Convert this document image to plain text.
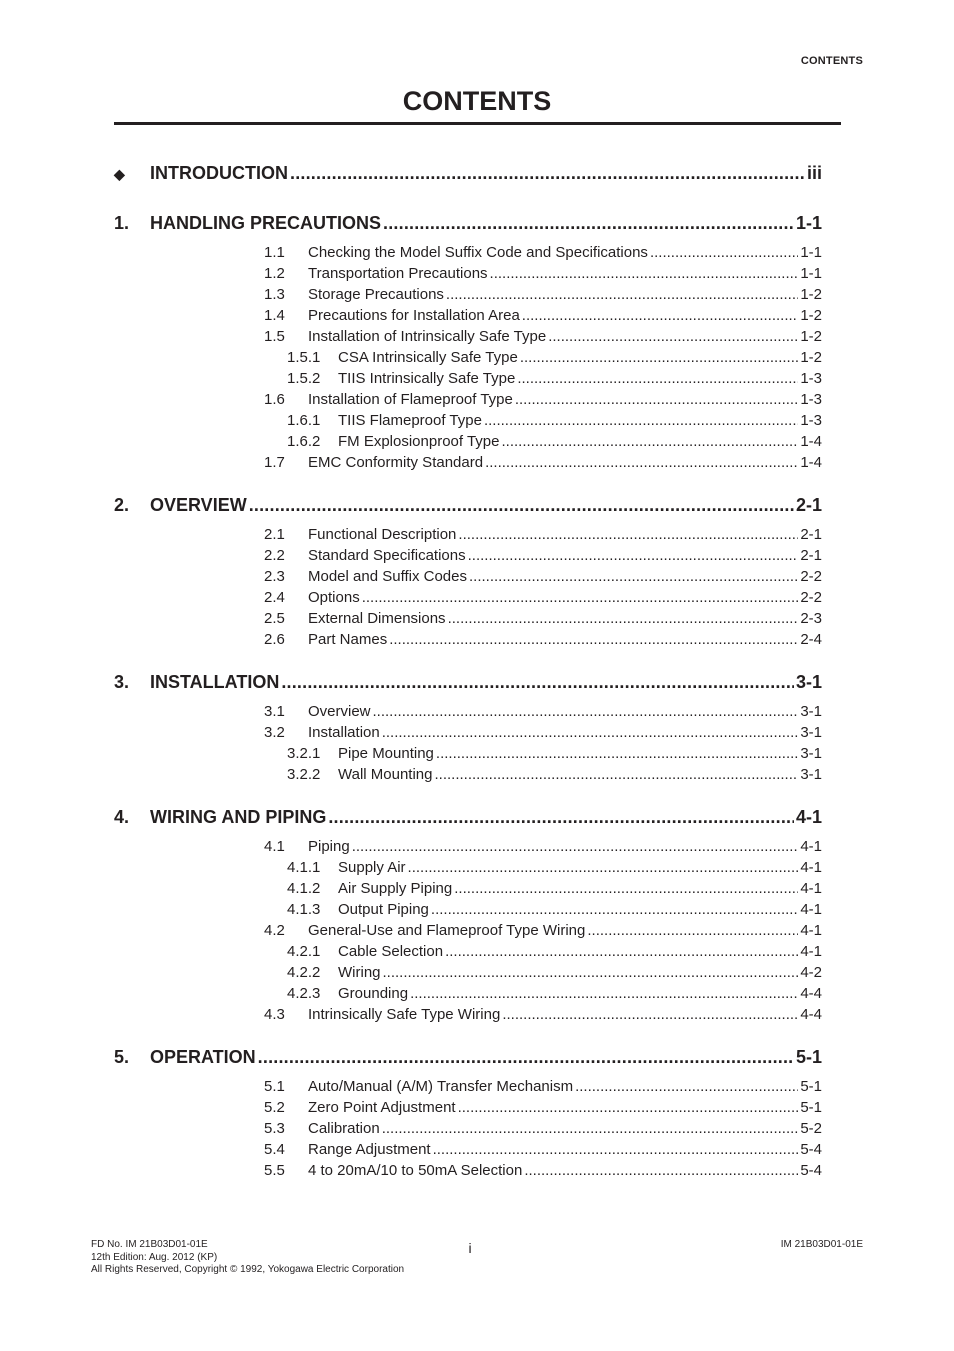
CONTENTS
CONTENTS
◆	INTRODUCTION .....	iii
1.	HANDLING PRECAUTIONS .....	1-1
1.1	Checking the Model Suffix Code and Specifications .....	1-1
1.2	Transportation Precautions .....	1-1
1.3	Storage Precautions .....	1-2
1.4	Precautions for Installation Area .....	1-2
1.5	Installation of Intrinsically Safe Type .....	1-2
1.5.1	CSA Intrinsically Safe Type .....	1-2
1.5.2	TIIS Intrinsically Safe Type .....	1-3
1.6	Installation of Flameproof Type .....	1-3
1.6.1	TIIS Flameproof Type .....	1-3
1.6.2	FM Explosionproof Type .....	1-4
1.7	EMC Conformity Standard .....	1-4
2.	OVERVIEW .....	2-1
2.1	Functional Description .....	2-1
2.2	Standard Specifications .....	2-1
2.3	Model and Suffix Codes .....	2-2
2.4	Options .....	2-2
2.5	External Dimensions .....	2-3
2.6	Part Names .....	2-4
3.	INSTALLATION .....	3-1
3.1	Overview .....	3-1
3.2	Installation .....	3-1
3.2.1	Pipe Mounting .....	3-1
3.2.2	Wall Mounting .....	3-1
4.	WIRING AND PIPING .....	4-1
4.1	Piping .....	4-1
4.1.1	Supply Air .....	4-1
4.1.2	Air Supply Piping .....	4-1
4.1.3	Output Piping .....	4-1
4.2	General-Use and Flameproof Type Wiring .....	4-1
4.2.1	Cable Selection .....	4-1
4.2.2	Wiring .....	4-2
4.2.3	Grounding .....	4-4
4.3	Intrinsically Safe Type Wiring .....	4-4
5.	OPERATION .....	5-1
5.1	Auto/Manual (A/M) Transfer Mechanism .....	5-1
5.2	Zero Point Adjustment .....	5-1
5.3	Calibration .....	5-2
5.4	Range Adjustment .....	5-4
5.5	4 to 20mA/10 to 50mA Selection .....	5-4
FD No. IM 21B03D01-01E
12th Edition: Aug. 2012 (KP)
All Rights Reserved, Copyright © 1992, Yokogawa Electric Corporation
i	IM 21B03D01-01E
